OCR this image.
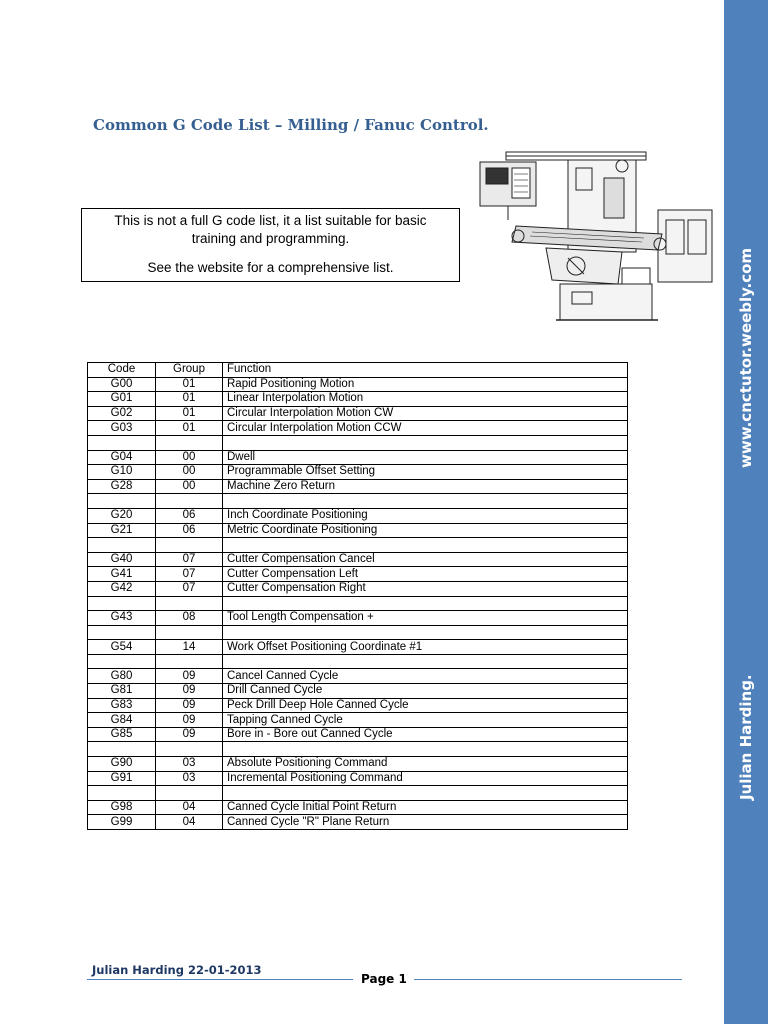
www.cnctutor.weebly.com
Julian Harding.
Common G Code List – Milling / Fanuc Control.
This is not a full G code list, it a list suitable for basic training and programming.
See the website for a comprehensive list.
Code	Group	Function
G00	01	Rapid Positioning Motion
G01	01	Linear Interpolation Motion
G02	01	Circular Interpolation Motion CW
G03	01	Circular Interpolation Motion CCW

G04	00	Dwell
G10	00	Programmable Offset Setting
G28	00	Machine Zero Return

G20	06	Inch Coordinate Positioning
G21	06	Metric Coordinate Positioning

G40	07	Cutter Compensation Cancel
G41	07	Cutter Compensation Left
G42	07	Cutter Compensation Right

G43	08	Tool Length Compensation +

G54	14	Work Offset Positioning Coordinate #1

G80	09	Cancel Canned Cycle
G81	09	Drill Canned Cycle
G83	09	Peck Drill Deep Hole Canned Cycle
G84	09	Tapping Canned Cycle
G85	09	Bore in - Bore out Canned Cycle

G90	03	Absolute Positioning Command
G91	03	Incremental Positioning Command

G98	04	Canned Cycle Initial Point Return
G99	04	Canned Cycle "R" Plane Return
Julian Harding 22-01-2013
Page 1
